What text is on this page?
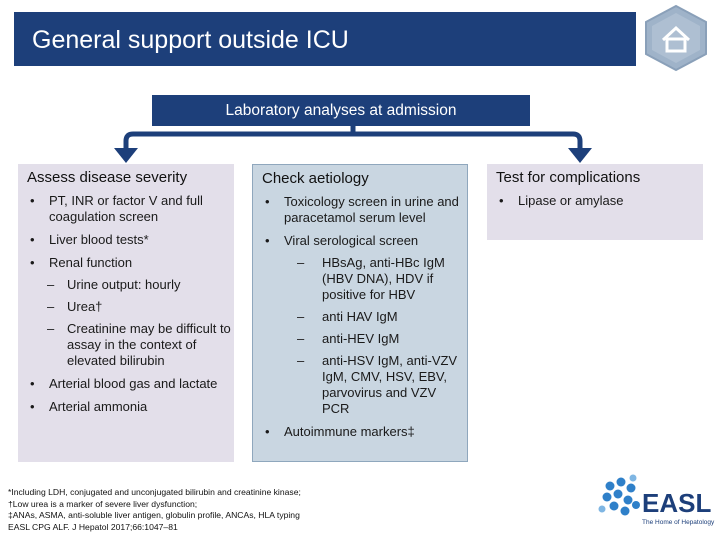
General support outside ICU
Laboratory analyses at admission
Assess disease severity
• PT, INR or factor V and full coagulation screen
• Liver blood tests*
• Renal function
– Urine output: hourly
– Urea†
– Creatinine may be difficult to assay in the context of elevated bilirubin
• Arterial blood gas and lactate
• Arterial ammonia
Check aetiology
• Toxicology screen in urine and paracetamol serum level
• Viral serological screen
– HBsAg, anti-HBc IgM (HBV DNA), HDV if positive for HBV
– anti HAV IgM
– anti-HEV IgM
– anti-HSV IgM, anti-VZV IgM, CMV, HSV, EBV, parvovirus and VZV PCR
• Autoimmune markers‡
Test for complications
• Lipase or amylase
*Including LDH, conjugated and unconjugated bilirubin and creatinine kinase;
†Low urea is a marker of severe liver dysfunction;
‡ANAs, ASMA, anti-soluble liver antigen, globulin profile, ANCAs, HLA typing
EASL CPG ALF. J Hepatol 2017;66:1047–81
EASL
The Home of Hepatology
